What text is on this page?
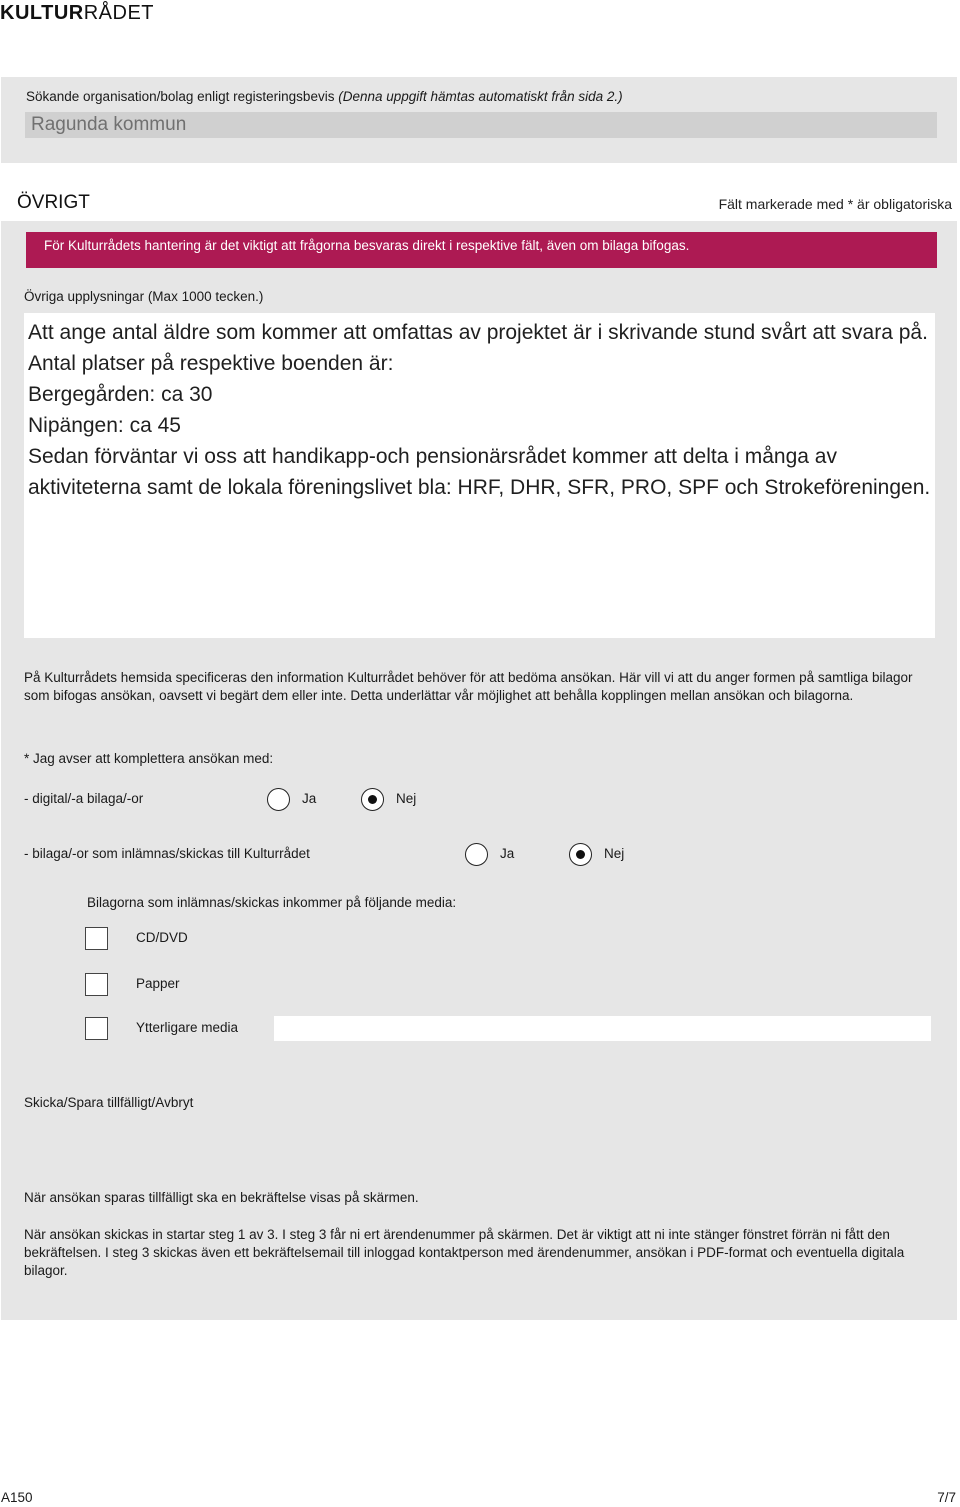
KULTUR RÅDET
Sökande organisation/bolag enligt registeringsbevis (Denna uppgift hämtas automatiskt från sida 2.)
Ragunda kommun
ÖVRIGT	Fält markerade med * är obligatoriska
För Kulturrådets hantering är det viktigt att frågorna besvaras direkt i respektive fält, även om bilaga bifogas.
Övriga upplysningar (Max 1000 tecken.)
Att ange antal äldre som kommer att omfattas av projektet är i skrivande stund svårt att svara på. Antal platser på respektive boenden är:
Bergegården: ca 30
Nipängen: ca 45
Sedan förväntar vi oss att handikapp-och pensionärsrådet kommer att delta i många av aktiviteterna samt de lokala föreningslivet bla: HRF, DHR, SFR, PRO, SPF och Strokeföreningen.
På Kulturrådets hemsida specificeras den information Kulturrådet behöver för att bedöma ansökan. Här vill vi att du anger formen på samtliga bilagor som bifogas ansökan, oavsett vi begärt dem eller inte. Detta underlättar vår möjlighet att behålla kopplingen mellan ansökan och bilagorna.
* Jag avser att komplettera ansökan med:
- digital/-a bilaga/-or	Ja	Nej
- bilaga/-or som inlämnas/skickas till Kulturrådet	Ja	Nej
Bilagorna som inlämnas/skickas inkommer på följande media:
CD/DVD
Papper
Ytterligare media
Skicka/Spara tillfälligt/Avbryt
När ansökan sparas tillfälligt ska en bekräftelse visas på skärmen.
När ansökan skickas in startar steg 1 av 3. I steg 3 får ni ert ärendenummer på skärmen. Det är viktigt att ni inte stänger fönstret förrän ni fått den bekräftelsen. I steg 3 skickas även ett bekräftelsemail till inloggad kontaktperson med ärendenummer, ansökan i PDF-format och eventuella digitala bilagor.
A150	7/7
